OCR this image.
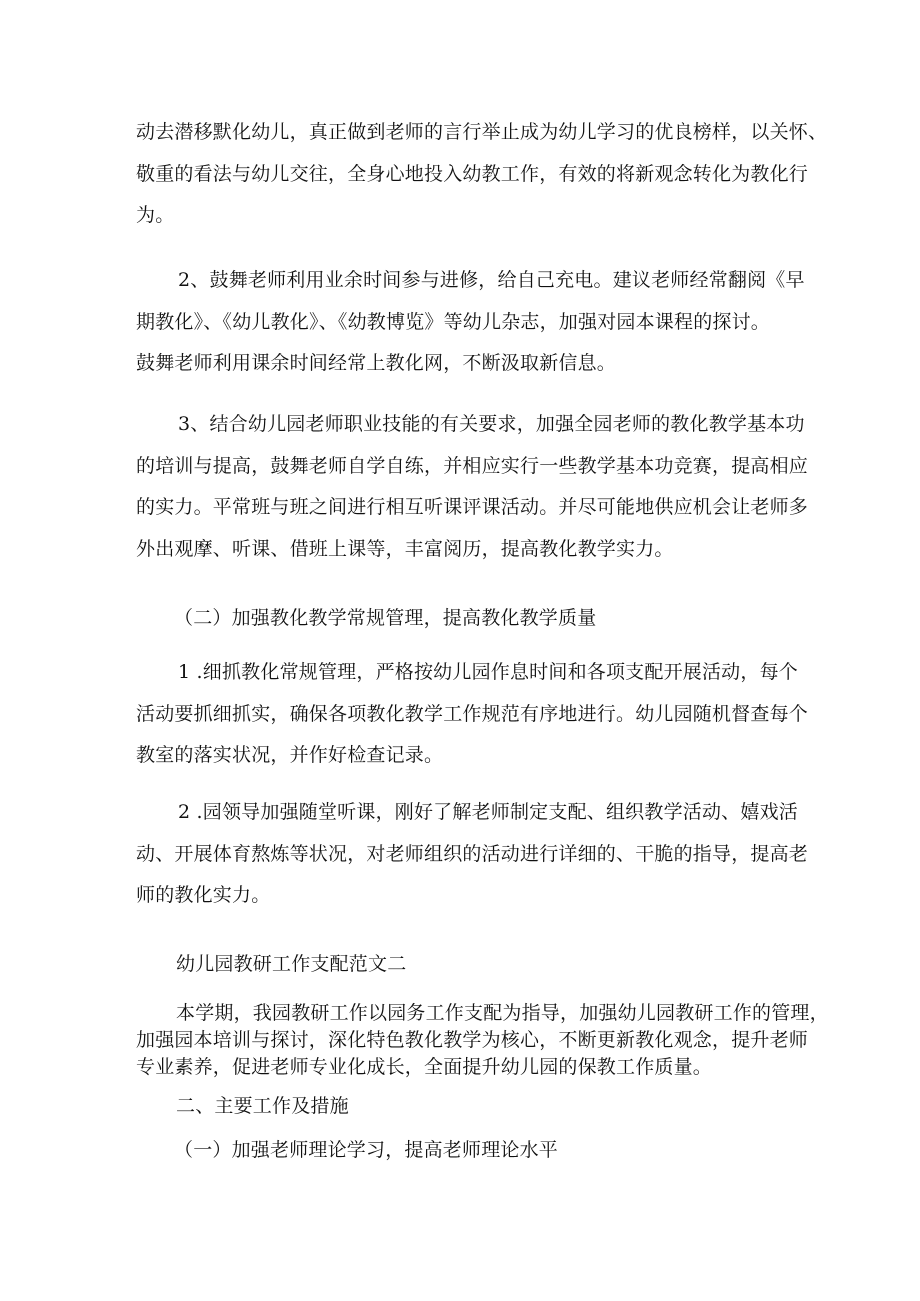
动去潜移默化幼儿，真正做到老师的言行举止成为幼儿学习的优良榜样，以关怀、
敬重的看法与幼儿交往，全身心地投入幼教工作，有效的将新观念转化为教化行
为。

2、鼓舞老师利用业余时间参与进修，给自己充电。建议老师经常翻阅《早
期教化》、《幼儿教化》、《幼教博览》等幼儿杂志，加强对园本课程的探讨。
鼓舞老师利用课余时间经常上教化网，不断汲取新信息。

3、结合幼儿园老师职业技能的有关要求，加强全园老师的教化教学基本功
的培训与提高，鼓舞老师自学自练，并相应实行一些教学基本功竞赛，提高相应
的实力。平常班与班之间进行相互听课评课活动。并尽可能地供应机会让老师多
外出观摩、听课、借班上课等，丰富阅历，提高教化教学实力。

（二）加强教化教学常规管理，提高教化教学质量

1 .细抓教化常规管理，严格按幼儿园作息时间和各项支配开展活动，每个
活动要抓细抓实，确保各项教化教学工作规范有序地进行。幼儿园随机督查每个
教室的落实状况，并作好检查记录。

2 .园领导加强随堂听课，刚好了解老师制定支配、组织教学活动、嬉戏活
动、开展体育熬炼等状况，对老师组织的活动进行详细的、干脆的指导，提高老
师的教化实力。

幼儿园教研工作支配范文二

本学期，我园教研工作以园务工作支配为指导，加强幼儿园教研工作的管理，
加强园本培训与探讨，深化特色教化教学为核心，不断更新教化观念，提升老师
专业素养，促进老师专业化成长，全面提升幼儿园的保教工作质量。

二、主要工作及措施

（一）加强老师理论学习，提高老师理论水平
